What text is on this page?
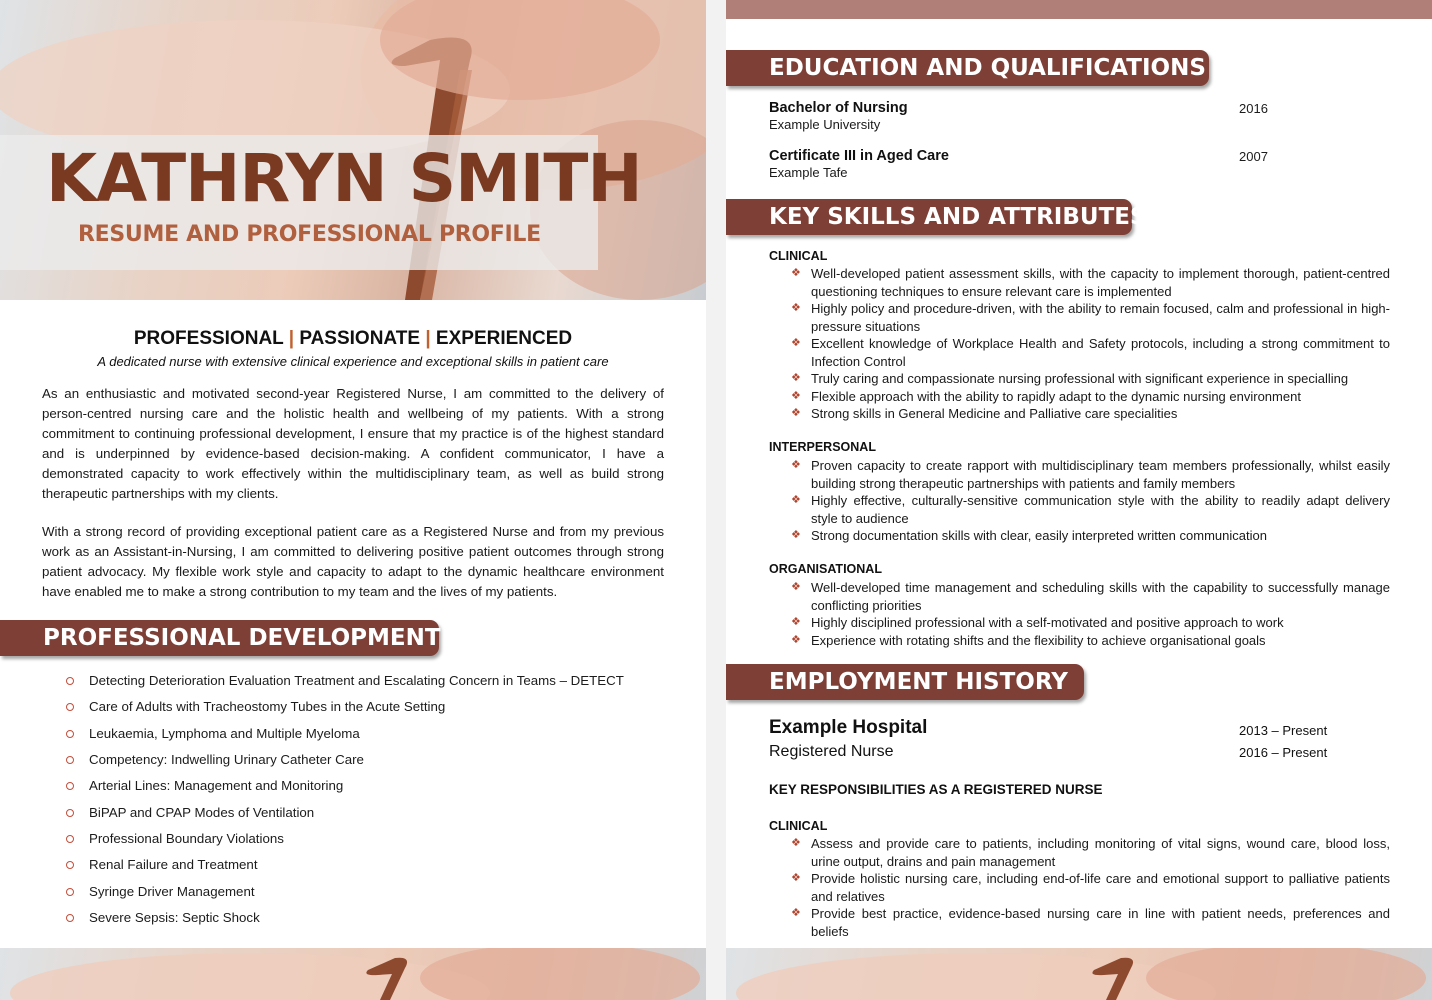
KATHRYN SMITH
RESUME AND PROFESSIONAL PROFILE
PROFESSIONAL | PASSIONATE | EXPERIENCED
A dedicated nurse with extensive clinical experience and exceptional skills in patient care

As an enthusiastic and motivated second-year Registered Nurse, I am committed to the delivery of person-centred nursing care and the holistic health and wellbeing of my patients. With a strong commitment to continuing professional development, I ensure that my practice is of the highest standard and is underpinned by evidence-based decision-making. A confident communicator, I have a demonstrated capacity to work effectively within the multidisciplinary team, as well as build strong therapeutic partnerships with my clients.

With a strong record of providing exceptional patient care as a Registered Nurse and from my previous work as an Assistant-in-Nursing, I am committed to delivering positive patient outcomes through strong patient advocacy. My flexible work style and capacity to adapt to the dynamic healthcare environment have enabled me to make a strong contribution to my team and the lives of my patients.

PROFESSIONAL DEVELOPMENT
Detecting Deterioration Evaluation Treatment and Escalating Concern in Teams – DETECT
Care of Adults with Tracheostomy Tubes in the Acute Setting
Leukaemia, Lymphoma and Multiple Myeloma
Competency: Indwelling Urinary Catheter Care
Arterial Lines: Management and Monitoring
BiPAP and CPAP Modes of Ventilation
Professional Boundary Violations
Renal Failure and Treatment
Syringe Driver Management
Severe Sepsis: Septic Shock
EDUCATION AND QUALIFICATIONS
Bachelor of Nursing
Example University
2016
Certificate III in Aged Care
Example Tafe
2007
KEY SKILLS AND ATTRIBUTES
CLINICAL
❖ Well-developed patient assessment skills, with the capacity to implement thorough, patient-centred questioning techniques to ensure relevant care is implemented
❖ Highly policy and procedure-driven, with the ability to remain focused, calm and professional in high-pressure situations
❖ Excellent knowledge of Workplace Health and Safety protocols, including a strong commitment to Infection Control
❖ Truly caring and compassionate nursing professional with significant experience in specialling
❖ Flexible approach with the ability to rapidly adapt to the dynamic nursing environment
❖ Strong skills in General Medicine and Palliative care specialities
INTERPERSONAL
❖ Proven capacity to create rapport with multidisciplinary team members professionally, whilst easily building strong therapeutic partnerships with patients and family members
❖ Highly effective, culturally-sensitive communication style with the ability to readily adapt delivery style to audience
❖ Strong documentation skills with clear, easily interpreted written communication
ORGANISATIONAL
❖ Well-developed time management and scheduling skills with the capability to successfully manage conflicting priorities
❖ Highly disciplined professional with a self-motivated and positive approach to work
❖ Experience with rotating shifts and the flexibility to achieve organisational goals
EMPLOYMENT HISTORY
Example Hospital	2013 – Present
Registered Nurse	2016 – Present
KEY RESPONSIBILITIES AS A REGISTERED NURSE
CLINICAL
❖ Assess and provide care to patients, including monitoring of vital signs, wound care, blood loss, urine output, drains and pain management
❖ Provide holistic nursing care, including end-of-life care and emotional support to palliative patients and relatives
❖ Provide best practice, evidence-based nursing care in line with patient needs, preferences and beliefs
